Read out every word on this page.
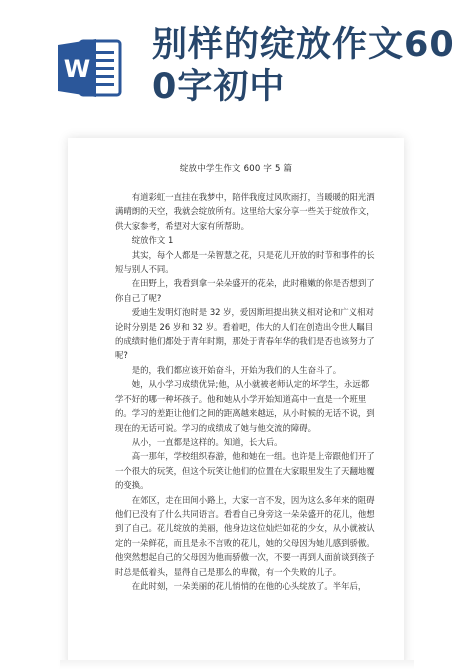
W
别样的绽放作文600字初中
绽放中学生作文 600 字 5 篇

有道彩虹一直挂在我梦中，陪伴我度过风吹雨打，当暖暖的阳光洒满晴朗的天空，我就会绽放所有。这里给大家分享一些关于绽放作文，供大家参考，希望对大家有所帮助。

绽放作文 1

其实，每个人都是一朵智慧之花，只是花儿开放的时节和事件的长短与别人不同。

在田野上，我看到拿一朵朵盛开的花朵，此时稚嫩的你是否想到了你自己了呢?

爱迪生发明灯泡时是 32 岁，爱因斯坦提出狭义相对论和广义相对论时分别是 26 岁和 32 岁。看着吧，伟大的人们在创造出令世人瞩目的成绩时他们都处于青年时期，那处于青春年华的我们是否也该努力了呢?

是的，我们都应该开始奋斗，开始为我们的人生奋斗了。

她，从小学习成绩优异;他，从小就被老师认定的坏学生，永远都学不好的哪一种坏孩子。他和她从小学开始知道高中一直是一个班里的。学习的差距让他们之间的距离越来越远，从小时候的无话不说，到现在的无话可说。学习的成绩成了她与他交流的障碍。

从小，一直都是这样的。知道，长大后。

高一那年，学校组织春游，他和她在一组。也许是上帝跟他们开了一个很大的玩笑，但这个玩笑让他们的位置在大家眼里发生了天翻地覆的变换。

在郊区，走在田间小路上，大家一言不发，因为这么多年来的阻碍他们已没有了什么共同语言。看看自己身旁这一朵朵盛开的花儿，他想到了自己。花儿绽放的美丽，他身边这位灿烂如花的少女，从小就被认定的一朵鲜花，而且是永不言败的花儿，她的父母因为她儿感到骄傲。他突然想起自己的父母因为他而骄傲一次，不要一再到人面前谈到孩子时总是低着头，显得自己是那么的卑微，有一个失败的儿子。

在此时刻，一朵美丽的花儿悄悄的在他的心头绽放了。半年后，
